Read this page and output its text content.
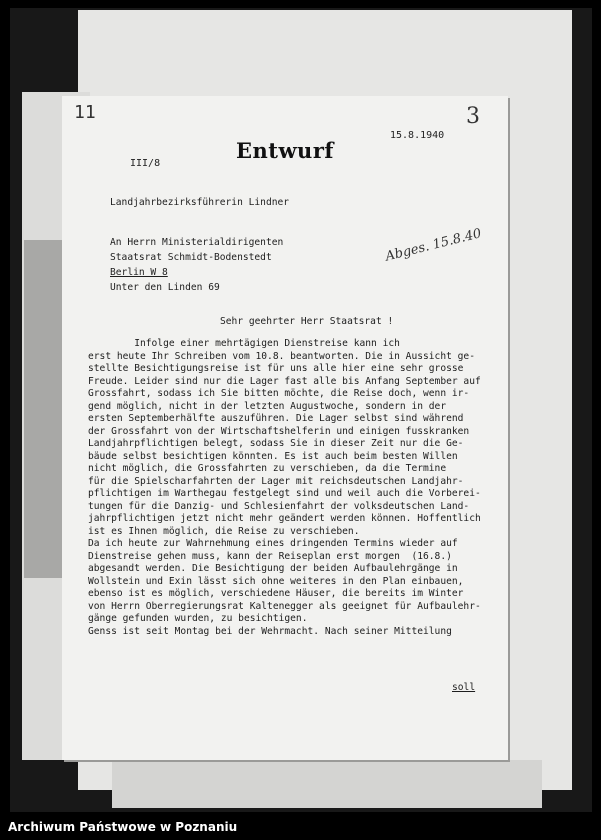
11
Entwurf
15.8.1940
3
III/8
Landjahrbezirksführerin Lindner
An Herrn Ministerialdirigenten
Staatsrat Schmidt-Bodenstedt
Berlin W 8
Unter den Linden 69
Abges. 15.8.40
Sehr geehrter Herr Staatsrat !
Infolge einer mehrtägigen Dienstreise kann ich
erst heute Ihr Schreiben vom 10.8. beantworten. Die in Aussicht ge-
stellte Besichtigungsreise ist für uns alle hier eine sehr grosse
Freude. Leider sind nur die Lager fast alle bis Anfang September auf
Grossfahrt, sodass ich Sie bitten möchte, die Reise doch, wenn ir-
gend möglich, nicht in der letzten Augustwoche, sondern in der
ersten Septemberhälfte auszuführen. Die Lager selbst sind während
der Grossfahrt von der Wirtschaftshelferin und einigen fusskranken
Landjahrpflichtigen belegt, sodass Sie in dieser Zeit nur die Ge-
bäude selbst besichtigen könnten. Es ist auch beim besten Willen
nicht möglich, die Grossfahrten zu verschieben, da die Termine
für die Spielscharfahrten der Lager mit reichsdeutschen Landjahr-
pflichtigen im Warthegau festgelegt sind und weil auch die Vorberei-
tungen für die Danzig- und Schlesienfahrt der volksdeutschen Land-
jahrpflichtigen jetzt nicht mehr geändert werden können. Hoffentlich
ist es Ihnen möglich, die Reise zu verschieben.
Da ich heute zur Wahrnehmung eines dringenden Termins wieder auf
Dienstreise gehen muss, kann der Reiseplan erst morgen  (16.8.)
abgesandt werden. Die Besichtigung der beiden Aufbaulehrgänge in
Wollstein und Exin lässt sich ohne weiteres in den Plan einbauen,
ebenso ist es möglich, verschiedene Häuser, die bereits im Winter
von Herrn Oberregierungsrat Kaltenegger als geeignet für Aufbaulehr-
gänge gefunden wurden, zu besichtigen.
Genss ist seit Montag bei der Wehrmacht. Nach seiner Mitteilung
soll
Archiwum Państwowe w Poznaniu
